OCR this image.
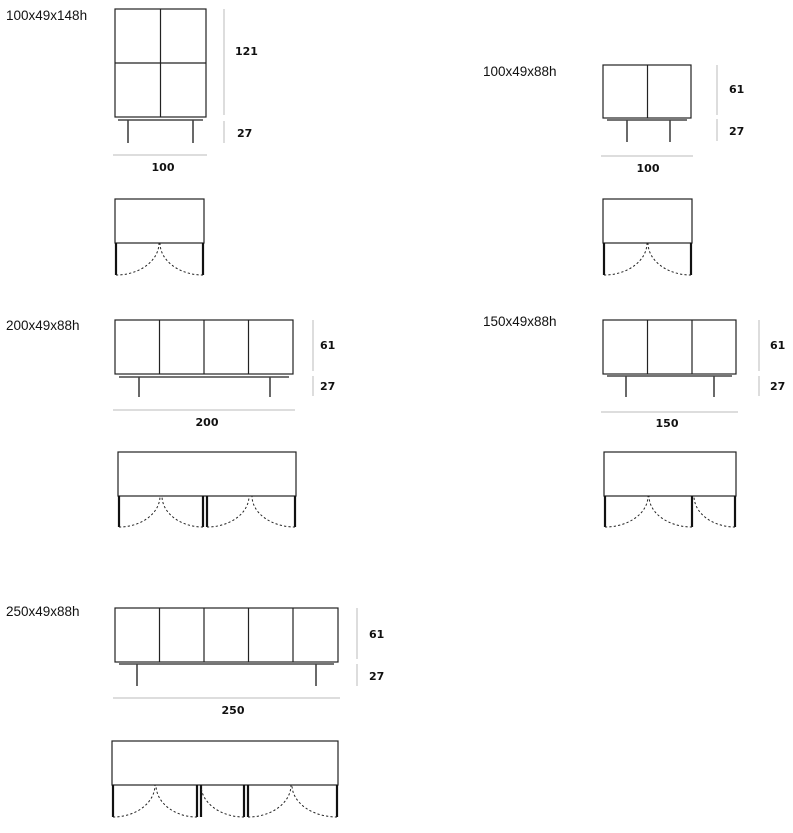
100x49x148h
100x49x88h
200x49x88h	150x49x88h
250x49x88h
121
27
100
61
27
100
61
27
200
61
27
150
61
27
250
